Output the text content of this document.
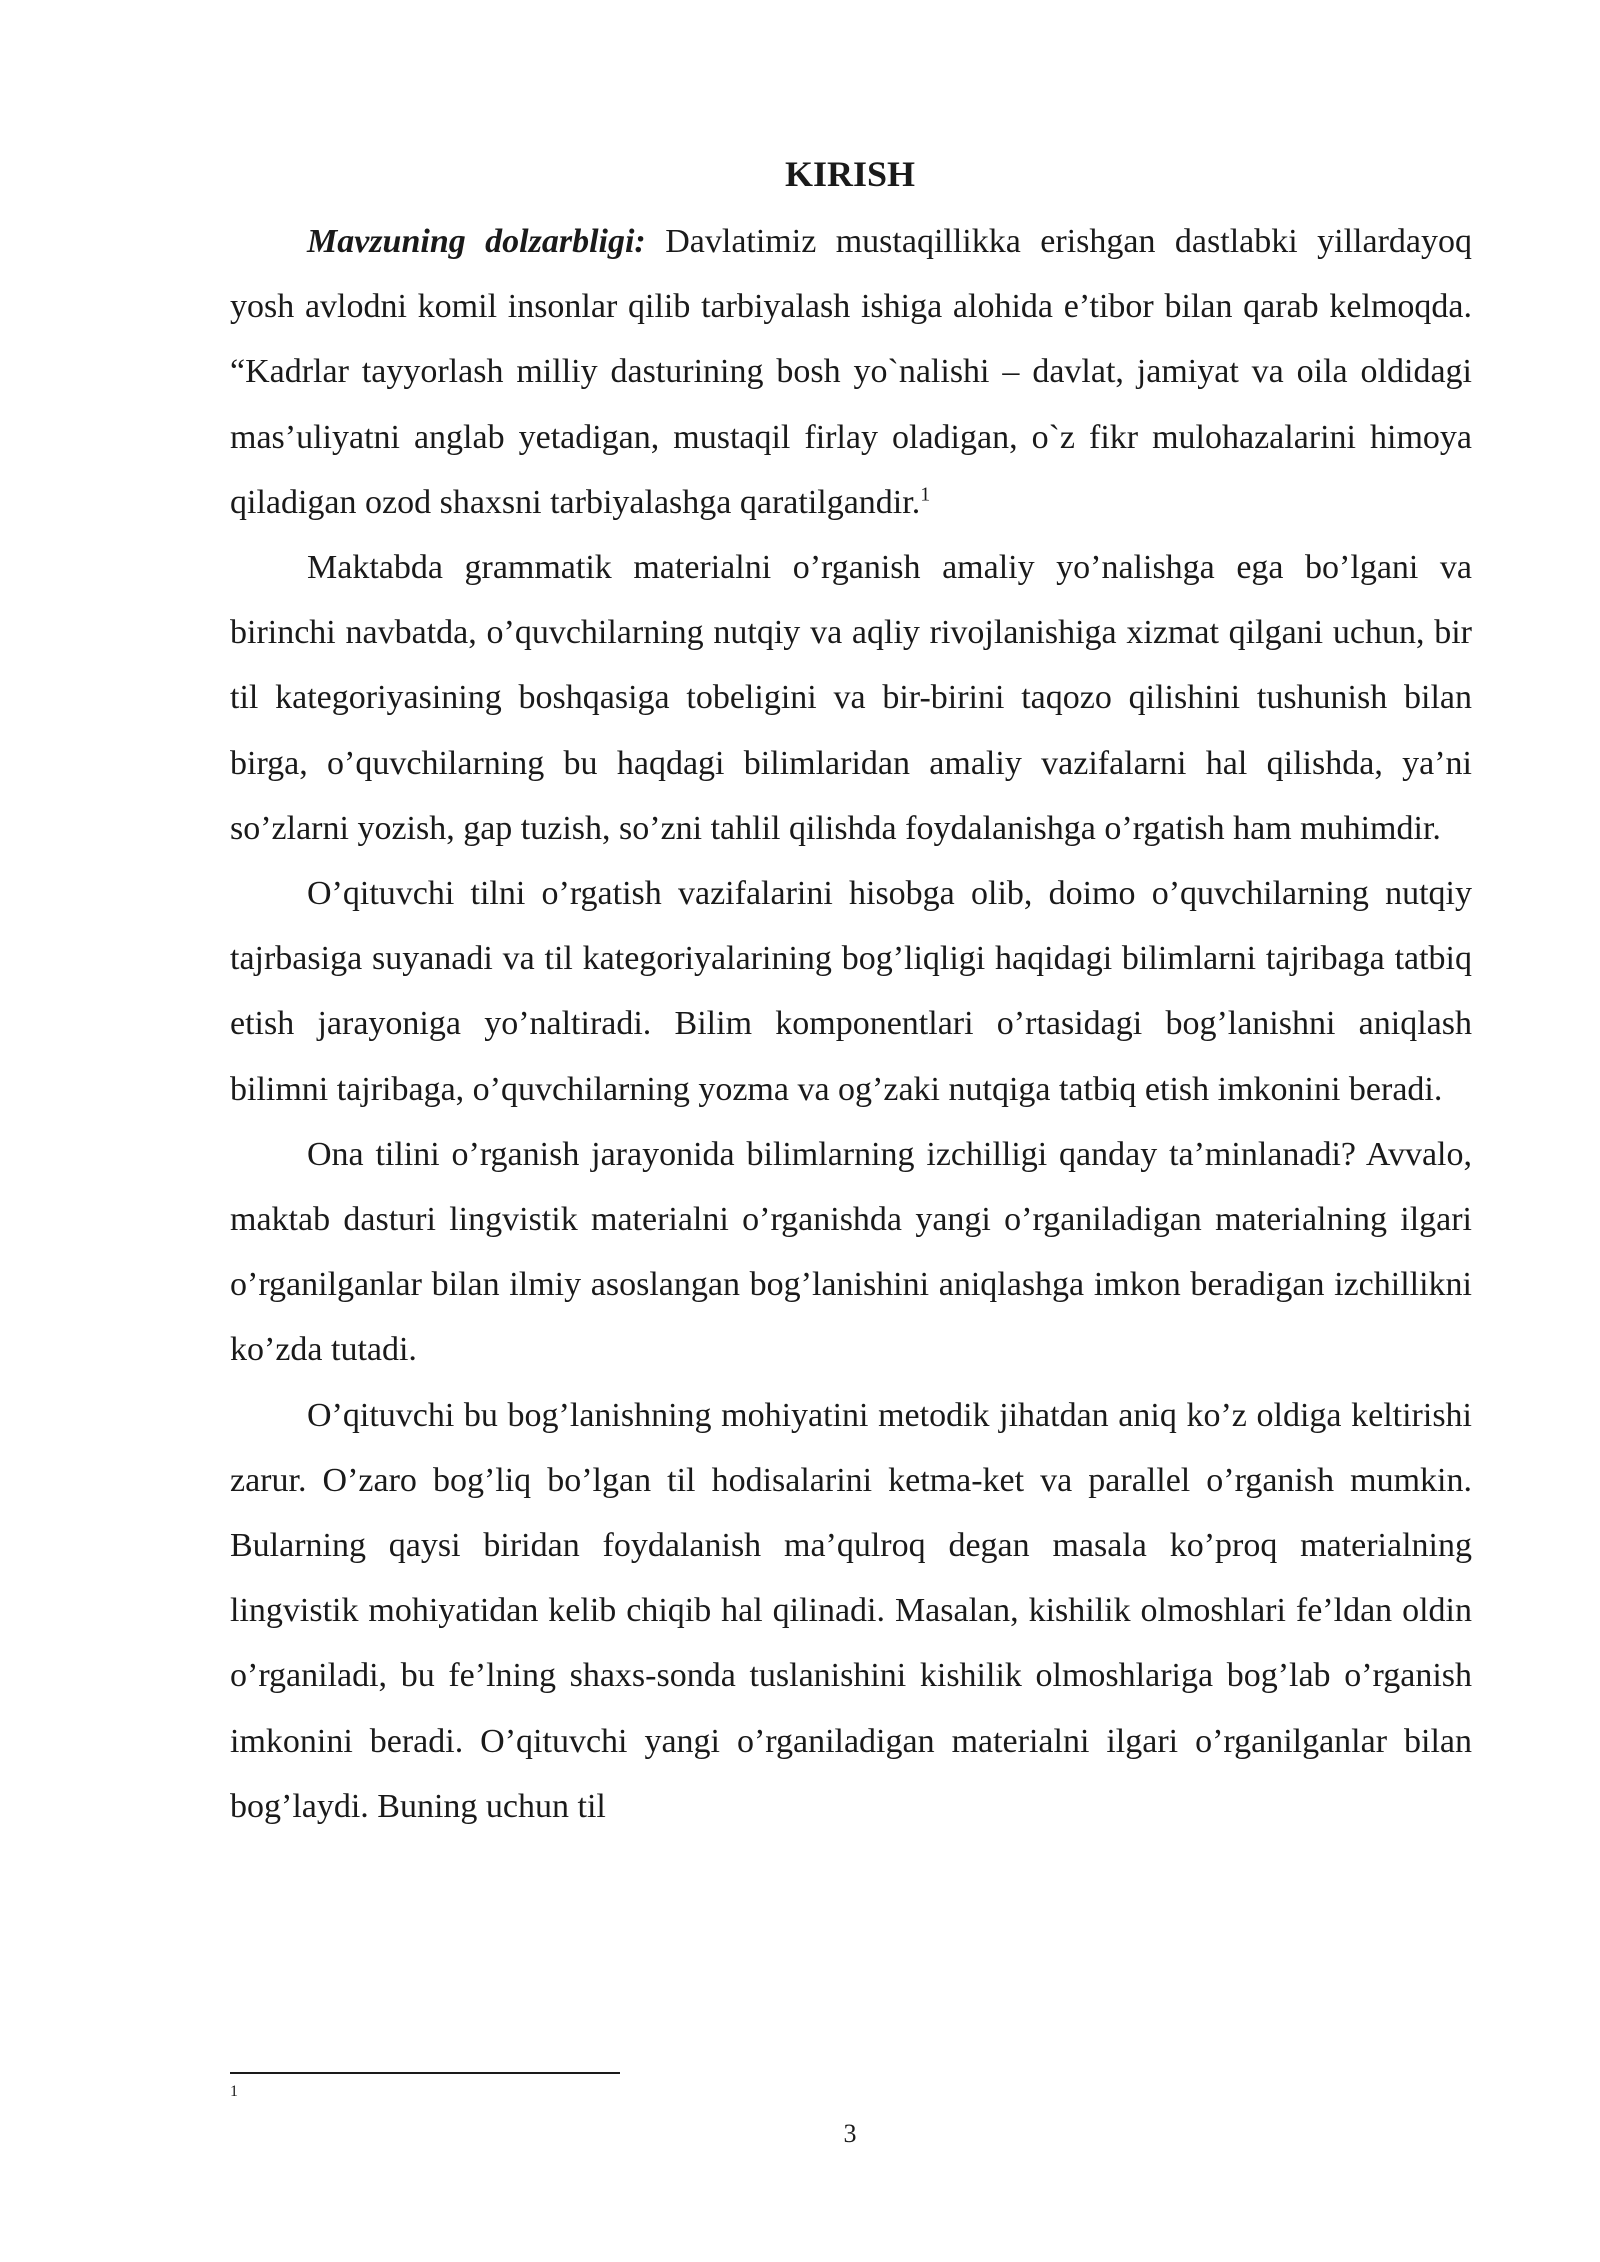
KIRISH

Mavzuning dolzarbligi: Davlatimiz mustaqillikka erishgan dastlabki yillardayoq yosh avlodni komil insonlar qilib tarbiyalash ishiga alohida e’tibor bilan qarab kelmoqda. “Kadrlar tayyorlash milliy dasturining bosh yo`nalishi – davlat, jamiyat va oila oldidagi mas’uliyatni anglab yetadigan, mustaqil firlay oladigan, o`z fikr mulohazalarini himoya qiladigan ozod shaxsni tarbiyalashga qaratilgandir.$^1$

Maktabda grammatik materialni o’rganish amaliy yo’nalishga ega bo’lgani va birinchi navbatda, o’quvchilarning nutqiy va aqliy rivojlanishiga xizmat qilgani uchun, bir til kategoriyasining boshqasiga tobeligini va bir-birini taqozo qilishini tushunish bilan birga, o’quvchilarning bu haqdagi bilimlaridan amaliy vazifalarni hal qilishda, ya’ni so’zlarni yozish, gap tuzish, so’zni tahlil qilishda foydalanishga o’rgatish ham muhimdir.

O’qituvchi tilni o’rgatish vazifalarini hisobga olib, doimo o’quvchilarning nutqiy tajrbasiga suyanadi va til kategoriyalarining bog’liqligi haqidagi bilimlarni tajribaga tatbiq etish jarayoniga yo’naltiradi. Bilim komponentlari o’rtasidagi bog’lanishni aniqlash bilimni tajribaga, o’quvchilarning yozma va og’zaki nutqiga tatbiq etish imkonini beradi.

Ona tilini o’rganish jarayonida bilimlarning izchilligi qanday ta’minlanadi? Avvalo, maktab dasturi lingvistik materialni o’rganishda yangi o’rganiladigan materialning ilgari o’rganilganlar bilan ilmiy asoslangan bog’lanishini aniqlashga imkon beradigan izchillikni ko’zda tutadi.

O’qituvchi bu bog’lanishning mohiyatini metodik jihatdan aniq ko’z oldiga keltirishi zarur. O’zaro bog’liq bo’lgan til hodisalarini ketma-ket va parallel o’rganish mumkin. Bularning qaysi biridan foydalanish ma’qulroq degan masala ko’proq materialning lingvistik mohiyatidan kelib chiqib hal qilinadi. Masalan, kishilik olmoshlari fe’ldan oldin o’rganiladi, bu fe’lning shaxs-sonda tuslanishini kishilik olmoshlariga bog’lab o’rganish imkonini beradi. O’qituvchi yangi o’rganiladigan materialni ilgari o’rganilganlar bilan bog’laydi. Buning uchun til

1
3
